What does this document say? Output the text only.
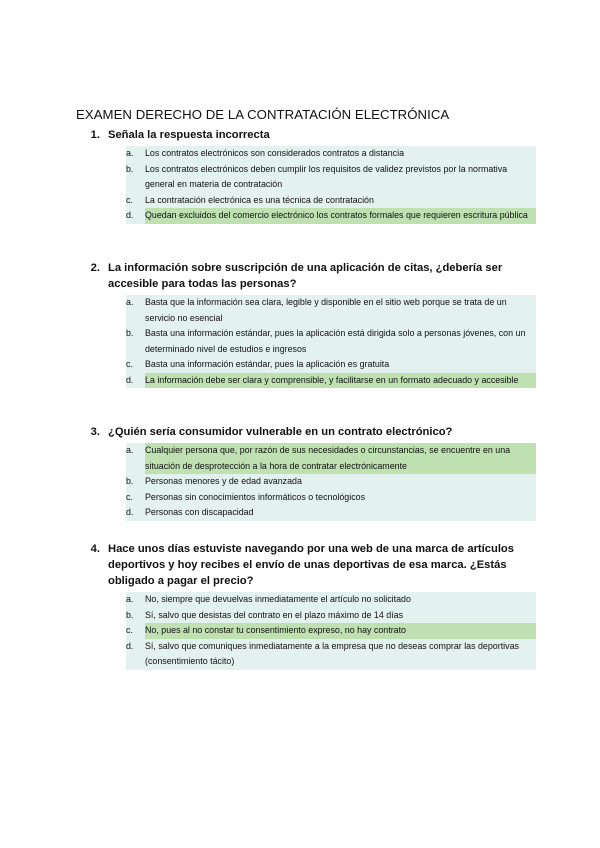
EXAMEN DERECHO DE LA CONTRATACIÓN ELECTRÓNICA
1. Señala la respuesta incorrecta
a.	Los contratos electrónicos son considerados contratos a distancia
b.	Los contratos electrónicos deben cumplir los requisitos de validez previstos por la normativa general en materia de contratación
c.	La contratación electrónica es una técnica de contratación
d.	Quedan excluidos del comercio electrónico los contratos formales que requieren escritura pública
2. La información sobre suscripción de una aplicación de citas, ¿debería ser accesible para todas las personas?
a.	Basta que la información sea clara, legible y disponible en el sitio web porque se trata de un servicio no esencial
b.	Basta una información estándar, pues la aplicación está dirigida solo a personas jóvenes, con un determinado nivel de estudios e ingresos
c.	Basta una información estándar, pues la aplicación es gratuita
d.	La información debe ser clara y comprensible, y facilitarse en un formato adecuado y accesible
3. ¿Quién sería consumidor vulnerable en un contrato electrónico?
a.	Cualquier persona que, por razón de sus necesidades o circunstancias, se encuentre en una situación de desprotección a la hora de contratar electrónicamente
b.	Personas menores y de edad avanzada
c.	Personas sin conocimientos informáticos o tecnológicos
d.	Personas con discapacidad
4. Hace unos días estuviste navegando por una web de una marca de artículos deportivos y hoy recibes el envío de unas deportivas de esa marca. ¿Estás obligado a pagar el precio?
a.	No, siempre que devuelvas inmediatamente el artículo no solicitado
b.	Sí, salvo que desistas del contrato en el plazo máximo de 14 días
c.	No, pues al no constar tu consentimiento expreso, no hay contrato
d.	Sí, salvo que comuniques inmediatamente a la empresa que no deseas comprar las deportivas (consentimiento tácito)
